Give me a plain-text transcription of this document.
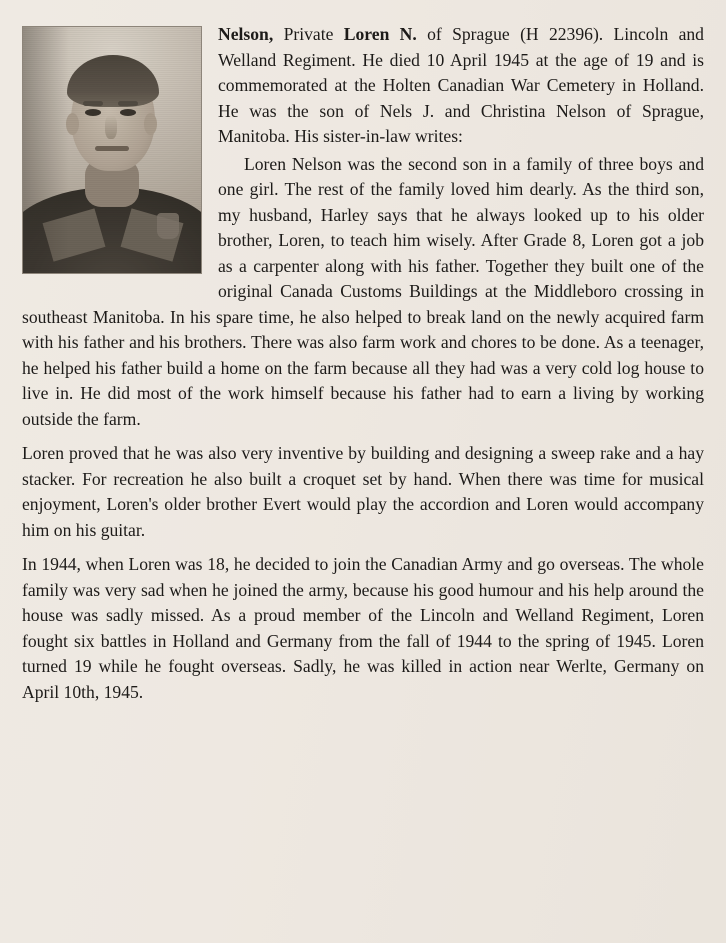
Nelson, Private Loren N. of Sprague (H 22396). Lincoln and Welland Regiment. He died 10 April 1945 at the age of 19 and is commemorated at the Holten Canadian War Cemetery in Holland. He was the son of Nels J. and Christina Nelson of Sprague, Manitoba. His sister-in-law writes:

Loren Nelson was the second son in a family of three boys and one girl. The rest of the family loved him dearly. As the third son, my husband, Harley says that he always looked up to his older brother, Loren, to teach him wisely. After Grade 8, Loren got a job as a carpenter along with his father. Together they built one of the original Canada Customs Buildings at the Middleboro crossing in southeast Manitoba. In his spare time, he also helped to break land on the newly acquired farm with his father and his brothers. There was also farm work and chores to be done. As a teenager, he helped his father build a home on the farm because all they had was a very cold log house to live in. He did most of the work himself because his father had to earn a living by working outside the farm.

Loren proved that he was also very inventive by building and designing a sweep rake and a hay stacker. For recreation he also built a croquet set by hand. When there was time for musical enjoyment, Loren's older brother Evert would play the accordion and Loren would accompany him on his guitar.

In 1944, when Loren was 18, he decided to join the Canadian Army and go overseas. The whole family was very sad when he joined the army, because his good humour and his help around the house was sadly missed. As a proud member of the Lincoln and Welland Regiment, Loren fought six battles in Holland and Germany from the fall of 1944 to the spring of 1945. Loren turned 19 while he fought overseas. Sadly, he was killed in action near Werlte, Germany on April 10th, 1945.
